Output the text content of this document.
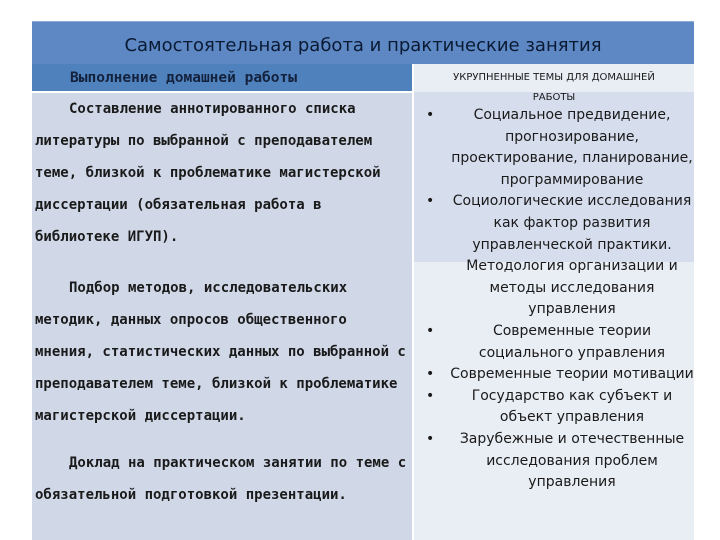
Самостоятельная работа и практические занятия
Выполнение домашней работы

Составление аннотированного списка литературы по выбранной с преподавателем теме, близкой к проблематике магистерской диссертации (обязательная работа в библиотеке ИГУП).

Подбор методов, исследовательских методик, данных опросов общественного мнения, статистических данных по выбранной с преподавателем теме, близкой к проблематике магистерской диссертации.

Доклад на практическом занятии по теме с обязательной подготовкой презентации.

УКРУПНЕННЫЕ ТЕМЫ ДЛЯ ДОМАШНЕЙ
РАБОТЫ
•	Социальное предвидение, прогнозирование, проектирование, планирование, программирование
• Социологические исследования как фактор развития управленческой практики. Методология организации и методы исследования управления
•	Современные теории социального управления
• Современные теории мотивации
•	Государство как субъект и объект управления
• Зарубежные и отечественные исследования проблем управления
